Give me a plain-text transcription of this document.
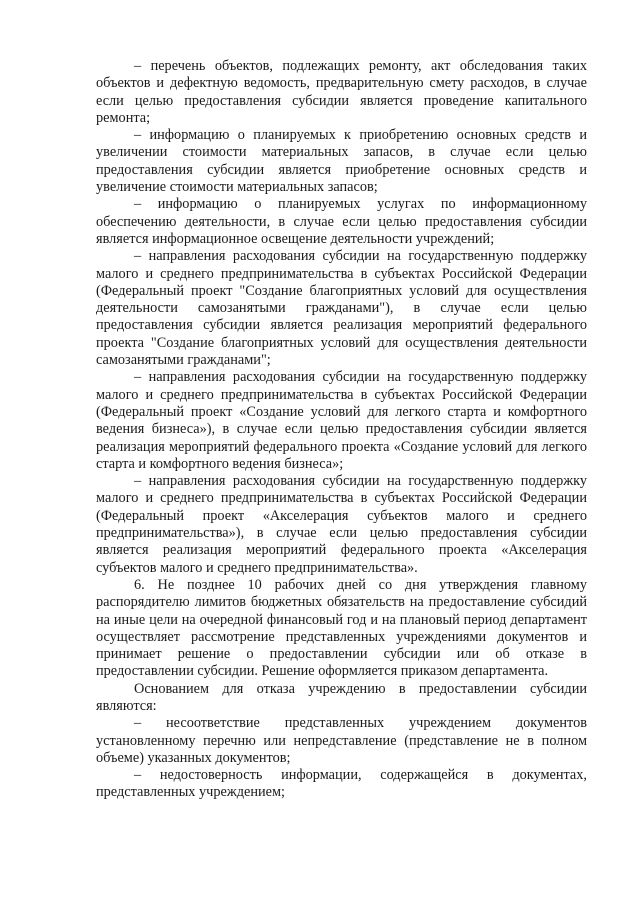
– перечень объектов, подлежащих ремонту, акт обследования таких объектов и дефектную ведомость, предварительную смету расходов, в случае если целью предоставления субсидии является проведение капитального ремонта;

– информацию о планируемых к приобретению основных средств и увеличении стоимости материальных запасов, в случае если целью предоставления субсидии является приобретение основных средств и увеличение стоимости материальных запасов;

– информацию о планируемых услугах по информационному обеспечению деятельности, в случае если целью предоставления субсидии является информационное освещение деятельности учреждений;

– направления расходования субсидии на государственную поддержку малого и среднего предпринимательства в субъектах Российской Федерации (Федеральный проект "Создание благоприятных условий для осуществления деятельности самозанятыми гражданами"), в случае если целью предоставления субсидии является реализация мероприятий федерального проекта "Создание благоприятных условий для осуществления деятельности самозанятыми гражданами";

– направления расходования субсидии на государственную поддержку малого и среднего предпринимательства в субъектах Российской Федерации (Федеральный проект «Создание условий для легкого старта и комфортного ведения бизнеса»), в случае если целью предоставления субсидии является реализация мероприятий федерального проекта «Создание условий для легкого старта и комфортного ведения бизнеса»;

– направления расходования субсидии на государственную поддержку малого и среднего предпринимательства в субъектах Российской Федерации (Федеральный проект «Акселерация субъектов малого и среднего предпринимательства»), в случае если целью предоставления субсидии является реализация мероприятий федерального проекта «Акселерация субъектов малого и среднего предпринимательства».

6. Не позднее 10 рабочих дней со дня утверждения главному распорядителю лимитов бюджетных обязательств на предоставление субсидий на иные цели на очередной финансовый год и на плановый период департамент осуществляет рассмотрение представленных учреждениями документов и принимает решение о предоставлении субсидии или об отказе в предоставлении субсидии. Решение оформляется приказом департамента.

Основанием для отказа учреждению в предоставлении субсидии являются:

– несоответствие представленных учреждением документов установленному перечню или непредставление (представление не в полном объеме) указанных документов;

– недостоверность информации, содержащейся в документах, представленных учреждением;
